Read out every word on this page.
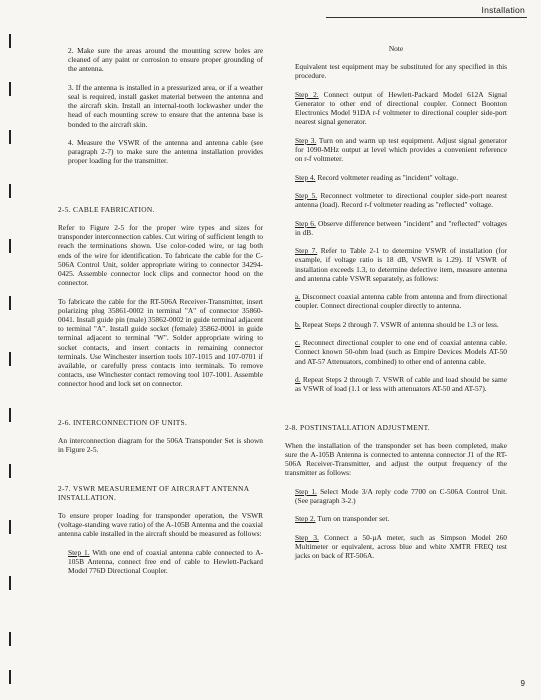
Installation

2. Make sure the areas around the mounting screw holes are cleaned of any paint or corrosion to ensure proper grounding of the antenna.

3. If the antenna is installed in a pressurized area, or if a weather seal is required, install gasket material between the antenna and the aircraft skin. Install an internal-tooth lockwasher under the head of each mounting screw to ensure that the antenna base is bonded to the aircraft skin.

4. Measure the VSWR of the antenna and antenna cable (see paragraph 2-7) to make sure the antenna installation provides proper loading for the transmitter.

2-5. CABLE FABRICATION.

Refer to Figure 2-5 for the proper wire types and sizes for transponder interconnection cables. Cut wiring of sufficient length to reach the terminations shown. Use color-coded wire, or tag both ends of the wire for identification. To fabricate the cable for the C-506A Control Unit, solder appropriate wiring to connector 34294-0425. Assemble connector lock clips and connector hood on the connector.

To fabricate the cable for the RT-506A Receiver-Transmitter, insert polarizing plug 35861-0002 in terminal "A" of connector 35860-0041. Install guide pin (male) 35862-0002 in guide terminal adjacent to terminal "A". Install guide socket (female) 35862-0001 in guide terminal adjacent to terminal "W". Solder appropriate wiring to socket contacts, and insert contacts in remaining connector terminals. Use Winchester insertion tools 107-1015 and 107-0701 if available, or carefully press contacts into terminals. To remove contacts, use Winchester contact removing tool 107-1001. Assemble connector hood and lock set on connector.

2-6. INTERCONNECTION OF UNITS.

An interconnection diagram for the 506A Transponder Set is shown in Figure 2-5.

2-7. VSWR MEASUREMENT OF AIRCRAFT ANTENNA INSTALLATION.

To ensure proper loading for transponder operation, the VSWR (voltage-standing wave ratio) of the A-105B Antenna and the coaxial antenna cable installed in the aircraft should be measured as follows:

Step 1. With one end of coaxial antenna cable connected to A-105B Antenna, connect free end of cable to Hewlett-Packard Model 776D Directional Coupler.

Note

Equivalent test equipment may be substituted for any specified in this procedure.

Step 2. Connect output of Hewlett-Packard Model 612A Signal Generator to other end of directional coupler. Connect Boonton Electronics Model 91DA r-f voltmeter to directional coupler side-port nearest signal generator.

Step 3. Turn on and warm up test equipment. Adjust signal generator for 1090-MHz output at level which provides a convenient reference on r-f voltmeter.

Step 4. Record voltmeter reading as "incident" voltage.

Step 5. Reconnect voltmeter to directional coupler side-port nearest antenna (load). Record r-f voltmeter reading as "reflected" voltage.

Step 6. Observe difference between "incident" and "reflected" voltages in dB.

Step 7. Refer to Table 2-1 to determine VSWR of installation (for example, if voltage ratio is 18 dB, VSWR is 1.29). If VSWR of installation exceeds 1.3, to determine defective item, measure antenna and antenna cable VSWR separately, as follows:

a. Disconnect coaxial antenna cable from antenna and from directional coupler. Connect directional coupler directly to antenna.

b. Repeat Steps 2 through 7. VSWR of antenna should be 1.3 or less.

c. Reconnect directional coupler to one end of coaxial antenna cable. Connect known 50-ohm load (such as Empire Devices Models AT-50 and AT-57 Attenuators, combined) to other end of antenna cable.

d. Repeat Steps 2 through 7. VSWR of cable and load should be same as VSWR of load (1.1 or less with attenuators AT-50 and AT-57).

2-8. POSTINSTALLATION ADJUSTMENT.

When the installation of the transponder set has been completed, make sure the A-105B Antenna is connected to antenna connector J1 of the RT-506A Receiver-Transmitter, and adjust the output frequency of the transmitter as follows:

Step 1. Select Mode 3/A reply code 7700 on C-506A Control Unit. (See paragraph 3-2.)

Step 2. Turn on transponder set.

Step 3. Connect a 50-µA meter, such as Simpson Model 260 Multimeter or equivalent, across blue and white XMTR FREQ test jacks on back of RT-506A.

9
